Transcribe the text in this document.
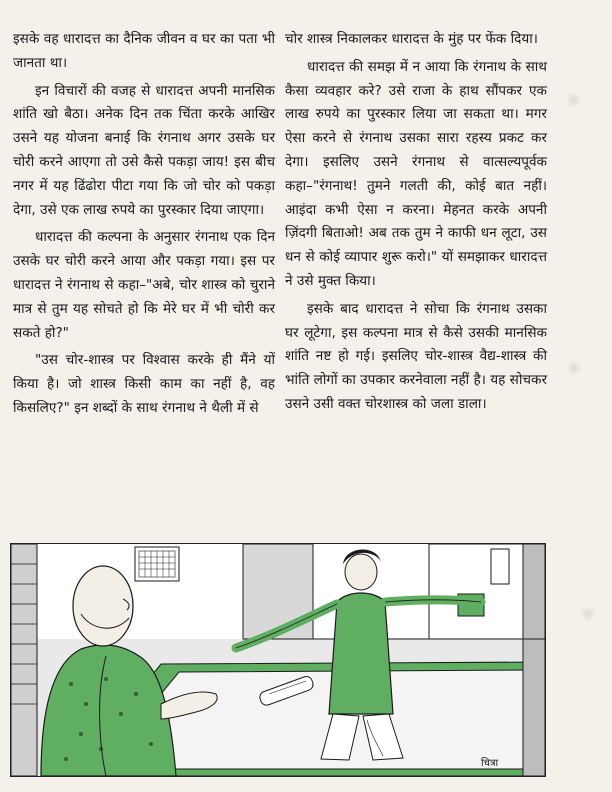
इसके वह धारादत्त का दैनिक जीवन व घर का पता भी जानता था।

इन विचारों की वजह से धारादत्त अपनी मानसिक शांति खो बैठा। अनेक दिन तक चिंता करके आखिर उसने यह योजना बनाई कि रंगनाथ अगर उसके घर चोरी करने आएगा तो उसे कैसे पकड़ा जाय! इस बीच नगर में यह ढिंढोरा पीटा गया कि जो चोर को पकड़ा देगा, उसे एक लाख रुपये का पुरस्कार दिया जाएगा।

धारादत्त की कल्पना के अनुसार रंगनाथ एक दिन उसके घर चोरी करने आया और पकड़ा गया। इस पर धारादत्त ने रंगनाथ से कहा–"अबे, चोर शास्त्र को चुराने मात्र से तुम यह सोचते हो कि मेरे घर में भी चोरी कर सकते हो?"

"उस चोर-शास्त्र पर विश्वास करके ही मैंने यों किया है। जो शास्त्र किसी काम का नहीं है, वह किसलिए?" इन शब्दों के साथ रंगनाथ ने थैली में से

चोर शास्त्र निकालकर धारादत्त के मुंह पर फेंक दिया।

धारादत्त की समझ में न आया कि रंगनाथ के साथ कैसा व्यवहार करे? उसे राजा के हाथ सौंपकर एक लाख रुपये का पुरस्कार लिया जा सकता था। मगर ऐसा करने से रंगनाथ उसका सारा रहस्य प्रकट कर देगा। इसलिए उसने रंगनाथ से वात्सल्यपूर्वक कहा–"रंगनाथ! तुमने गलती की, कोई बात नहीं। आइंदा कभी ऐसा न करना। मेहनत करके अपनी ज़िंदगी बिताओ! अब तक तुम ने काफी धन लूटा, उस धन से कोई व्यापार शुरू करो।" यों समझाकर धारादत्त ने उसे मुक्त किया।

इसके बाद धारादत्त ने सोचा कि रंगनाथ उसका घर लूटेगा, इस कल्पना मात्र से कैसे उसकी मानसिक शांति नष्ट हो गई। इसलिए चोर-शास्त्र वैद्य-शास्त्र की भांति लोगों का उपकार करनेवाला नहीं है। यह सोचकर उसने उसी वक्त चोरशास्त्र को जला डाला।

चित्रा
